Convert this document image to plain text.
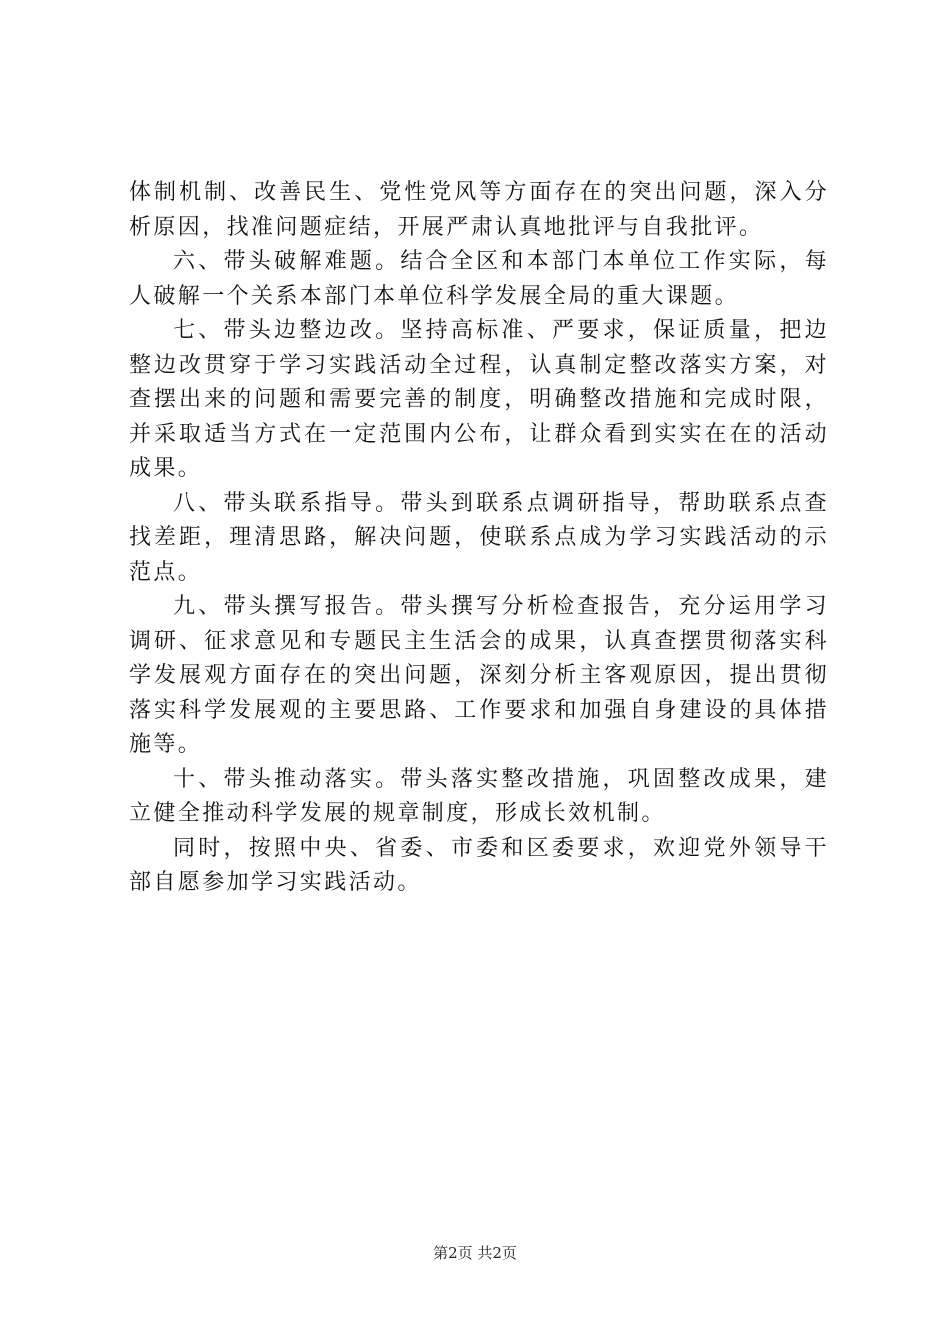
体制机制、改善民生、党性党风等方面存在的突出问题，深入分析原因，找准问题症结，开展严肃认真地批评与自我批评。

六、带头破解难题。结合全区和本部门本单位工作实际，每人破解一个关系本部门本单位科学发展全局的重大课题。

七、带头边整边改。坚持高标准、严要求，保证质量，把边整边改贯穿于学习实践活动全过程，认真制定整改落实方案，对查摆出来的问题和需要完善的制度，明确整改措施和完成时限，并采取适当方式在一定范围内公布，让群众看到实实在在的活动成果。

八、带头联系指导。带头到联系点调研指导，帮助联系点查找差距，理清思路，解决问题，使联系点成为学习实践活动的示范点。

九、带头撰写报告。带头撰写分析检查报告，充分运用学习调研、征求意见和专题民主生活会的成果，认真查摆贯彻落实科学发展观方面存在的突出问题，深刻分析主客观原因，提出贯彻落实科学发展观的主要思路、工作要求和加强自身建设的具体措施等。

十、带头推动落实。带头落实整改措施，巩固整改成果，建立健全推动科学发展的规章制度，形成长效机制。

同时，按照中央、省委、市委和区委要求，欢迎党外领导干部自愿参加学习实践活动。

第2页 共2页
